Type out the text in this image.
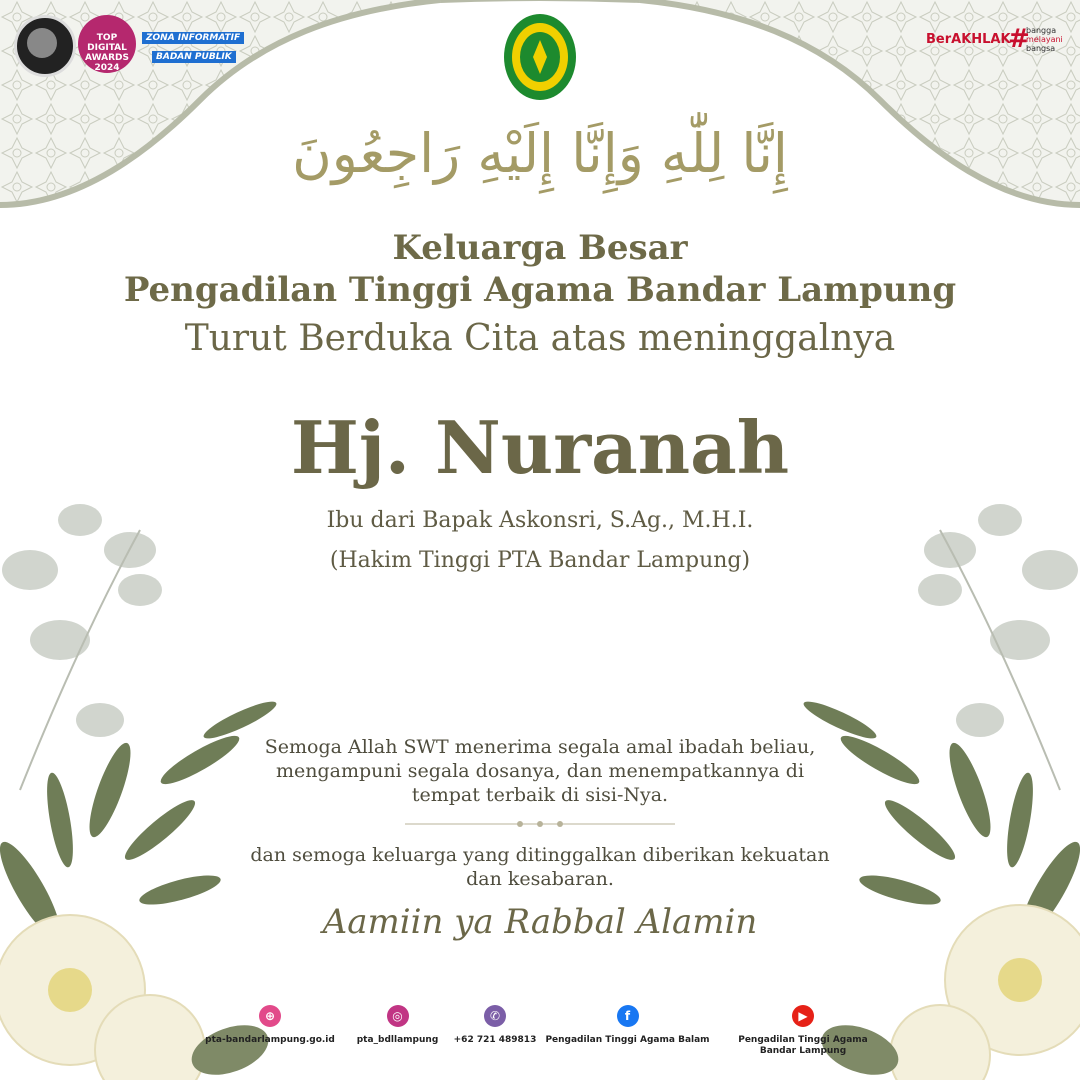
TOP DIGITAL AWARDS 2024
ZONA INFORMATIF BADAN PUBLIK
BerAKHLAK
#
bangga
melayani
bangsa
إِنَّا لِلّٰهِ وَإِنَّا إِلَيْهِ رَاجِعُونَ
Keluarga Besar
Pengadilan Tinggi Agama Bandar Lampung
Turut Berduka Cita atas meninggalnya
Hj. Nuranah
Ibu dari Bapak Askonsri, S.Ag., M.H.I.
(Hakim Tinggi PTA Bandar Lampung)
Semoga Allah SWT menerima segala amal ibadah beliau, mengampuni segala dosanya, dan menempatkannya di tempat terbaik di sisi-Nya.
dan semoga keluarga yang ditinggalkan diberikan kekuatan dan kesabaran.
Aamiin ya Rabbal Alamin
⊕
pta-bandarlampung.go.id
◎
pta_bdllampung
✆
+62 721 489813
f
Pengadilan Tinggi Agama Balam
▶
Pengadilan Tinggi Agama Bandar Lampung
